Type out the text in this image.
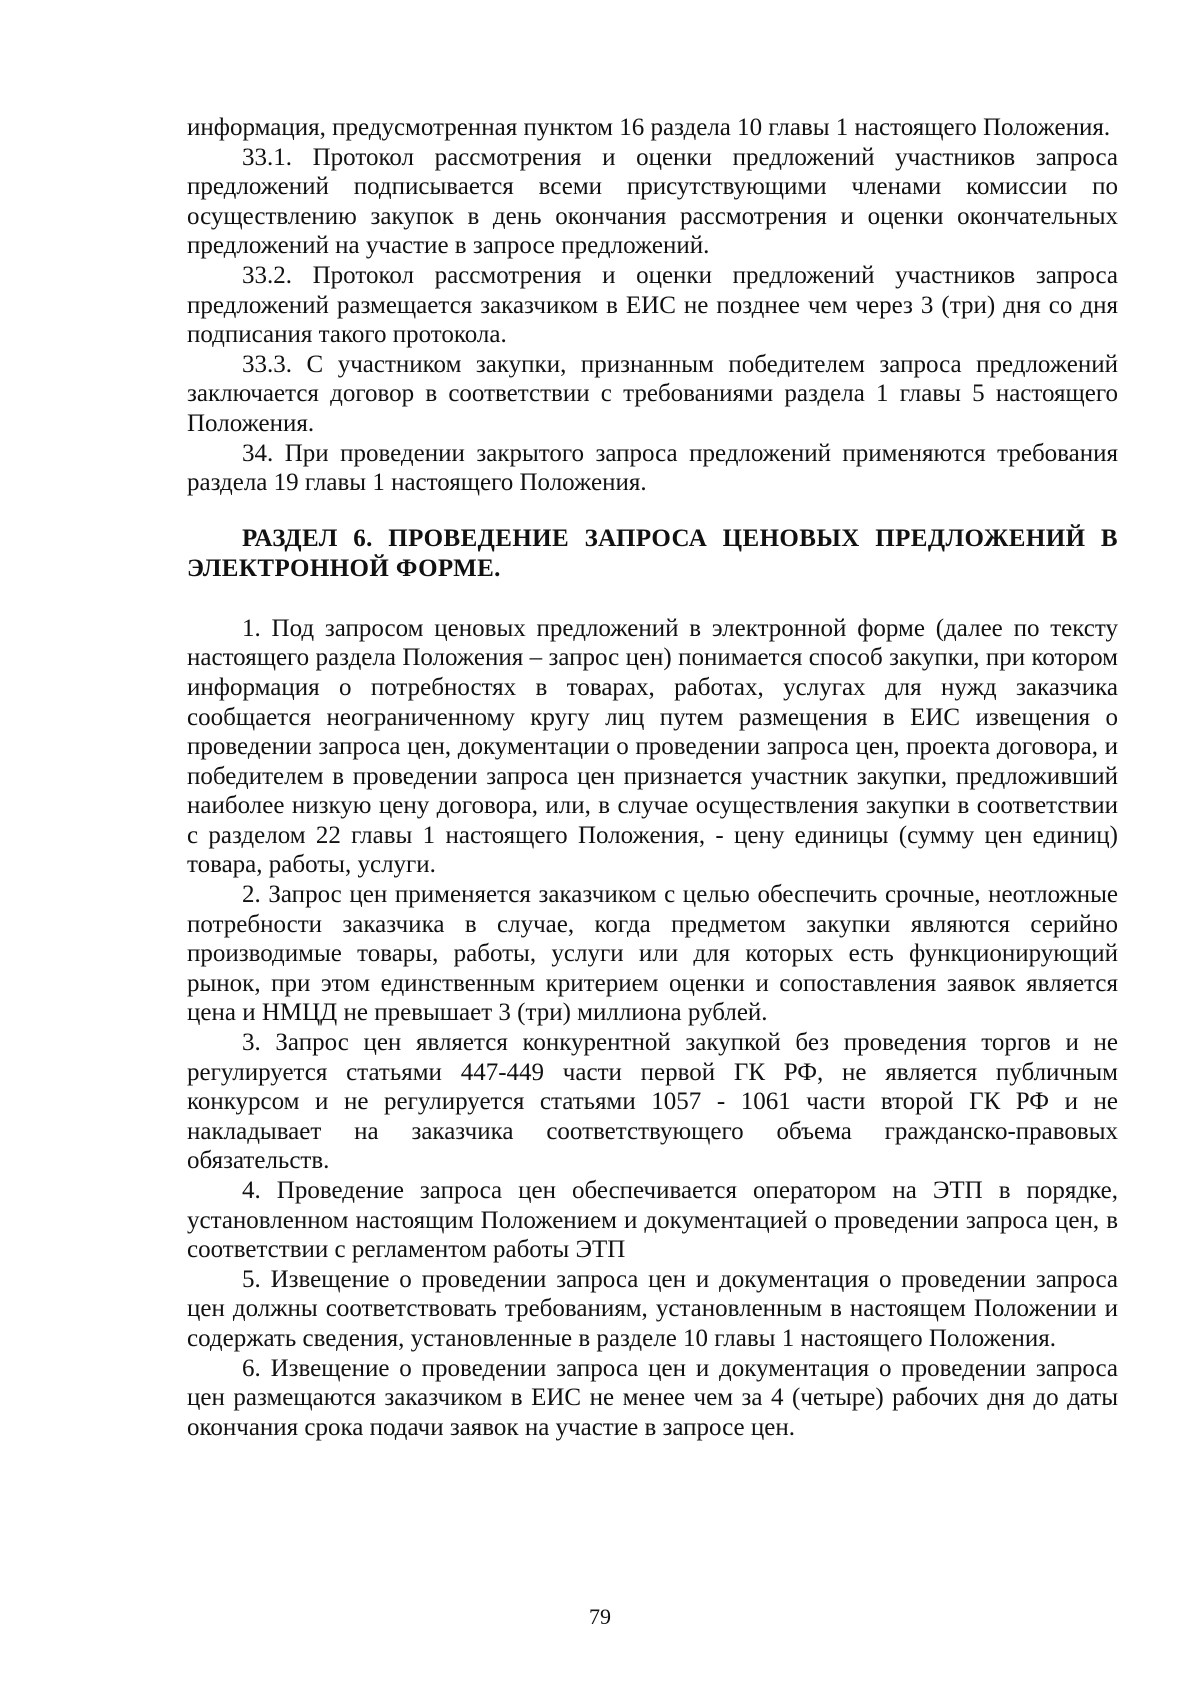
информация, предусмотренная пунктом 16 раздела 10 главы 1 настоящего Положения.

33.1. Протокол рассмотрения и оценки предложений участников запроса предложений подписывается всеми присутствующими членами комиссии по осуществлению закупок в день окончания рассмотрения и оценки окончательных предложений на участие в запросе предложений.

33.2. Протокол рассмотрения и оценки предложений участников запроса предложений размещается заказчиком в ЕИС не позднее чем через 3 (три) дня со дня подписания такого протокола.

33.3. С участником закупки, признанным победителем запроса предложений заключается договор в соответствии с требованиями раздела 1 главы 5 настоящего Положения.

34. При проведении закрытого запроса предложений применяются требования раздела 19 главы 1 настоящего Положения.

РАЗДЕЛ 6. ПРОВЕДЕНИЕ ЗАПРОСА ЦЕНОВЫХ ПРЕДЛОЖЕНИЙ В ЭЛЕКТРОННОЙ ФОРМЕ.

1. Под запросом ценовых предложений в электронной форме (далее по тексту настоящего раздела Положения – запрос цен) понимается способ закупки, при котором информация о потребностях в товарах, работах, услугах для нужд заказчика сообщается неограниченному кругу лиц путем размещения в ЕИС извещения о проведении запроса цен, документации о проведении запроса цен, проекта договора, и победителем в проведении запроса цен признается участник закупки, предложивший наиболее низкую цену договора, или, в случае осуществления закупки в соответствии с разделом 22 главы 1 настоящего Положения, - цену единицы (сумму цен единиц) товара, работы, услуги.

2. Запрос цен применяется заказчиком с целью обеспечить срочные, неотложные потребности заказчика в случае, когда предметом закупки являются серийно производимые товары, работы, услуги или для которых есть функционирующий рынок, при этом единственным критерием оценки и сопоставления заявок является цена и НМЦД не превышает 3 (три) миллиона рублей.

3. Запрос цен является конкурентной закупкой без проведения торгов и не регулируется статьями 447-449 части первой ГК РФ, не является публичным конкурсом и не регулируется статьями 1057 - 1061 части второй ГК РФ и не накладывает на заказчика соответствующего объема гражданско-правовых обязательств.

4. Проведение запроса цен обеспечивается оператором на ЭТП в порядке, установленном настоящим Положением и документацией о проведении запроса цен, в соответствии с регламентом работы ЭТП

5. Извещение о проведении запроса цен и документация о проведении запроса цен должны соответствовать требованиям, установленным в настоящем Положении и содержать сведения, установленные в разделе 10 главы 1 настоящего Положения.

6. Извещение о проведении запроса цен и документация о проведении запроса цен размещаются заказчиком в ЕИС не менее чем за 4 (четыре) рабочих дня до даты окончания срока подачи заявок на участие в запросе цен.

79
